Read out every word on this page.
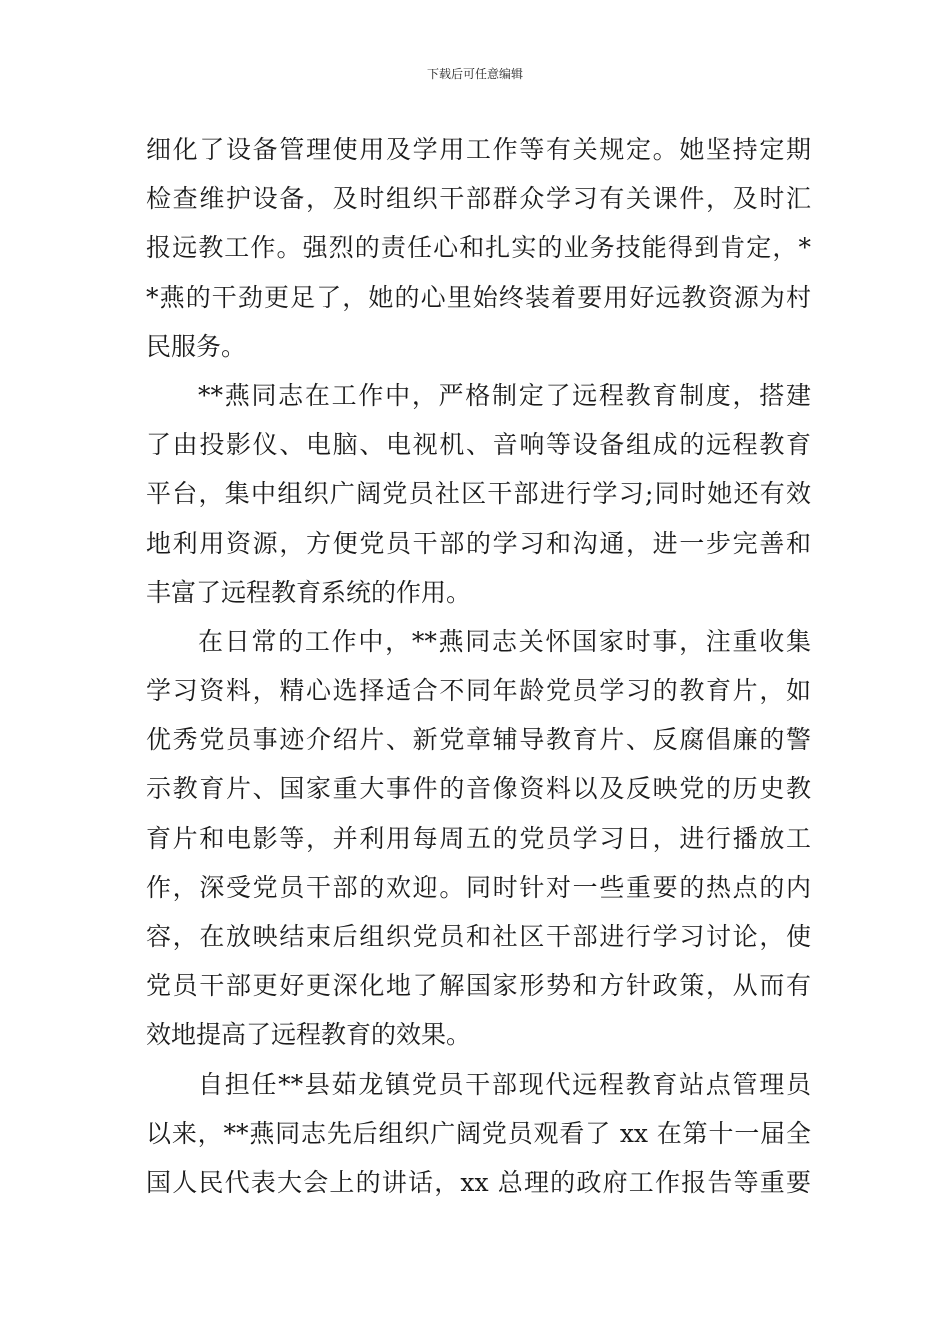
下载后可任意编辑
细化了设备管理使用及学用工作等有关规定。她坚持定期
检查维护设备，及时组织干部群众学习有关课件，及时汇
报远教工作。强烈的责任心和扎实的业务技能得到肯定，*
*燕的干劲更足了，她的心里始终装着要用好远教资源为村
民服务。
**燕同志在工作中，严格制定了远程教育制度，搭建
了由投影仪、电脑、电视机、音响等设备组成的远程教育
平台，集中组织广阔党员社区干部进行学习;同时她还有效
地利用资源，方便党员干部的学习和沟通，进一步完善和
丰富了远程教育系统的作用。
在日常的工作中，**燕同志关怀国家时事，注重收集
学习资料，精心选择适合不同年龄党员学习的教育片，如
优秀党员事迹介绍片、新党章辅导教育片、反腐倡廉的警
示教育片、国家重大事件的音像资料以及反映党的历史教
育片和电影等，并利用每周五的党员学习日，进行播放工
作，深受党员干部的欢迎。同时针对一些重要的热点的内
容，在放映结束后组织党员和社区干部进行学习讨论，使
党员干部更好更深化地了解国家形势和方针政策，从而有
效地提高了远程教育的效果。
自担任**县茹龙镇党员干部现代远程教育站点管理员
以来，**燕同志先后组织广阔党员观看了 xx 在第十一届全
国人民代表大会上的讲话，xx 总理的政府工作报告等重要
